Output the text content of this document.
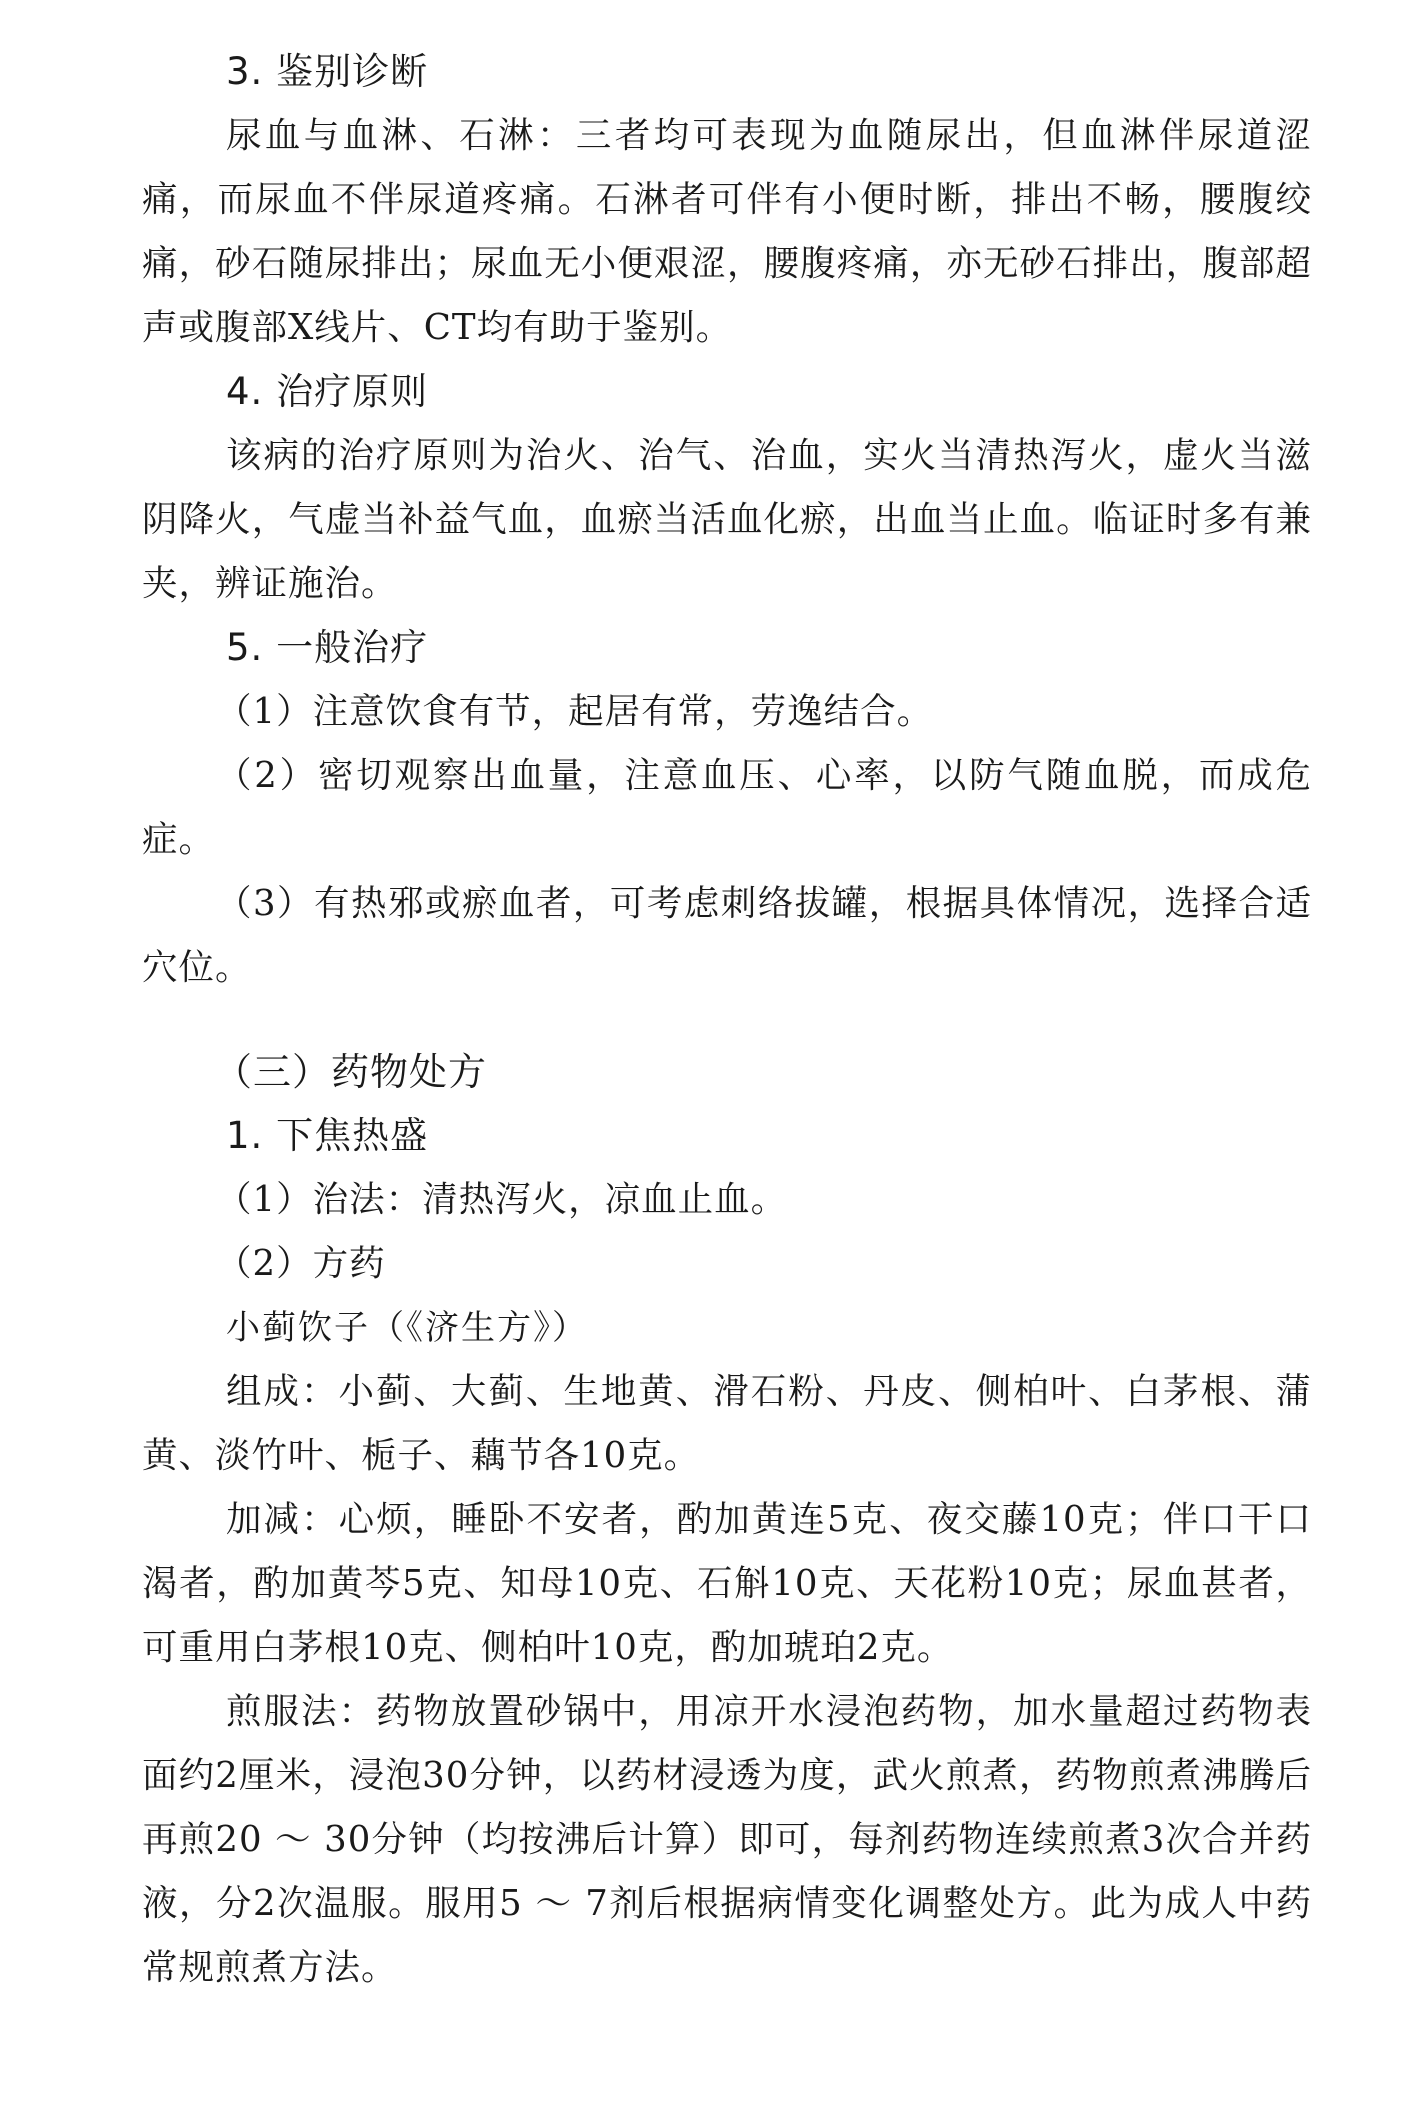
3. 鉴别诊断
尿血与血淋、石淋：三者均可表现为血随尿出，但血淋伴尿道涩痛，而尿血不伴尿道疼痛。石淋者可伴有小便时断，排出不畅，腰腹绞痛，砂石随尿排出；尿血无小便艰涩，腰腹疼痛，亦无砂石排出，腹部超声或腹部X线片、CT均有助于鉴别。
4. 治疗原则
该病的治疗原则为治火、治气、治血，实火当清热泻火，虚火当滋阴降火，气虚当补益气血，血瘀当活血化瘀，出血当止血。临证时多有兼夹，辨证施治。
5. 一般治疗
（1）注意饮食有节，起居有常，劳逸结合。
（2）密切观察出血量，注意血压、心率，以防气随血脱，而成危症。
（3）有热邪或瘀血者，可考虑刺络拔罐，根据具体情况，选择合适穴位。
（三）药物处方
1. 下焦热盛
（1）治法：清热泻火，凉血止血。
（2）方药
小蓟饮子（《济生方》）
组成：小蓟、大蓟、生地黄、滑石粉、丹皮、侧柏叶、白茅根、蒲黄、淡竹叶、栀子、藕节各10克。
加减：心烦，睡卧不安者，酌加黄连5克、夜交藤10克；伴口干口渴者，酌加黄芩5克、知母10克、石斛10克、天花粉10克；尿血甚者，可重用白茅根10克、侧柏叶10克，酌加琥珀2克。
煎服法：药物放置砂锅中，用凉开水浸泡药物，加水量超过药物表面约2厘米，浸泡30分钟，以药材浸透为度，武火煎煮，药物煎煮沸腾后再煎20 ～ 30分钟（均按沸后计算）即可，每剂药物连续煎煮3次合并药液，分2次温服。服用5 ～ 7剂后根据病情变化调整处方。此为成人中药常规煎煮方法。
